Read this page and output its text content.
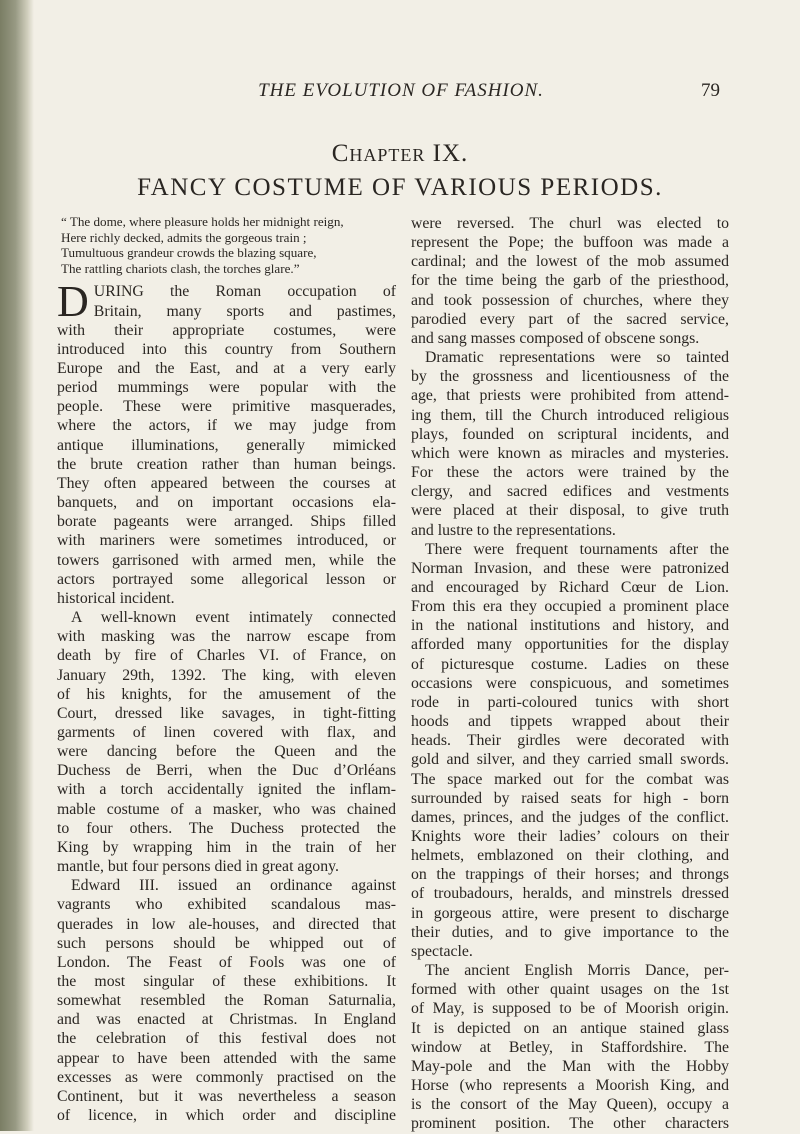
THE EVOLUTION OF FASHION.	79
Chapter IX.
FANCY COSTUME OF VARIOUS PERIODS.
“ The dome, where pleasure holds her midnight reign,
Here richly decked, admits the gorgeous train ;
Tumultuous grandeur crowds the blazing square,
The rattling chariots clash, the torches glare.”
D URING the Roman occupation of
Britain, many sports and pastimes,
with their appropriate costumes, were
introduced into this country from Southern
Europe and the East, and at a very early
period mummings were popular with the
people. These were primitive masquerades,
where the actors, if we may judge from
antique illuminations, generally mimicked
the brute creation rather than human beings.
They often appeared between the courses at
banquets, and on important occasions ela-
borate pageants were arranged. Ships filled
with mariners were sometimes introduced, or
towers garrisoned with armed men, while the
actors portrayed some allegorical lesson or
historical incident.
A well-known event intimately connected
with masking was the narrow escape from
death by fire of Charles VI. of France, on
January 29th, 1392. The king, with eleven
of his knights, for the amusement of the
Court, dressed like savages, in tight-fitting
garments of linen covered with flax, and
were dancing before the Queen and the
Duchess de Berri, when the Duc d’Orléans
with a torch accidentally ignited the inflam-
mable costume of a masker, who was chained
to four others. The Duchess protected the
King by wrapping him in the train of her
mantle, but four persons died in great agony.
Edward III. issued an ordinance against
vagrants who exhibited scandalous mas-
querades in low ale-houses, and directed that
such persons should be whipped out of
London. The Feast of Fools was one of
the most singular of these exhibitions. It
somewhat resembled the Roman Saturnalia,
and was enacted at Christmas. In England
the celebration of this festival does not
appear to have been attended with the same
excesses as were commonly practised on the
Continent, but it was nevertheless a season
of licence, in which order and discipline
were reversed. The churl was elected to
represent the Pope; the buffoon was made a
cardinal; and the lowest of the mob assumed
for the time being the garb of the priesthood,
and took possession of churches, where they
parodied every part of the sacred service,
and sang masses composed of obscene songs.
Dramatic representations were so tainted
by the grossness and licentiousness of the
age, that priests were prohibited from attend-
ing them, till the Church introduced religious
plays, founded on scriptural incidents, and
which were known as miracles and mysteries.
For these the actors were trained by the
clergy, and sacred edifices and vestments
were placed at their disposal, to give truth
and lustre to the representations.
There were frequent tournaments after the
Norman Invasion, and these were patronized
and encouraged by Richard Cœur de Lion.
From this era they occupied a prominent place
in the national institutions and history, and
afforded many opportunities for the display
of picturesque costume. Ladies on these
occasions were conspicuous, and sometimes
rode in parti-coloured tunics with short
hoods and tippets wrapped about their
heads. Their girdles were decorated with
gold and silver, and they carried small swords.
The space marked out for the combat was
surrounded by raised seats for high - born
dames, princes, and the judges of the conflict.
Knights wore their ladies’ colours on their
helmets, emblazoned on their clothing, and
on the trappings of their horses; and throngs
of troubadours, heralds, and minstrels dressed
in gorgeous attire, were present to discharge
their duties, and to give importance to the
spectacle.
The ancient English Morris Dance, per-
formed with other quaint usages on the 1st
of May, is supposed to be of Moorish origin.
It is depicted on an antique stained glass
window at Betley, in Staffordshire. The
May-pole and the Man with the Hobby
Horse (who represents a Moorish King, and
is the consort of the May Queen), occupy a
prominent position. The other characters
